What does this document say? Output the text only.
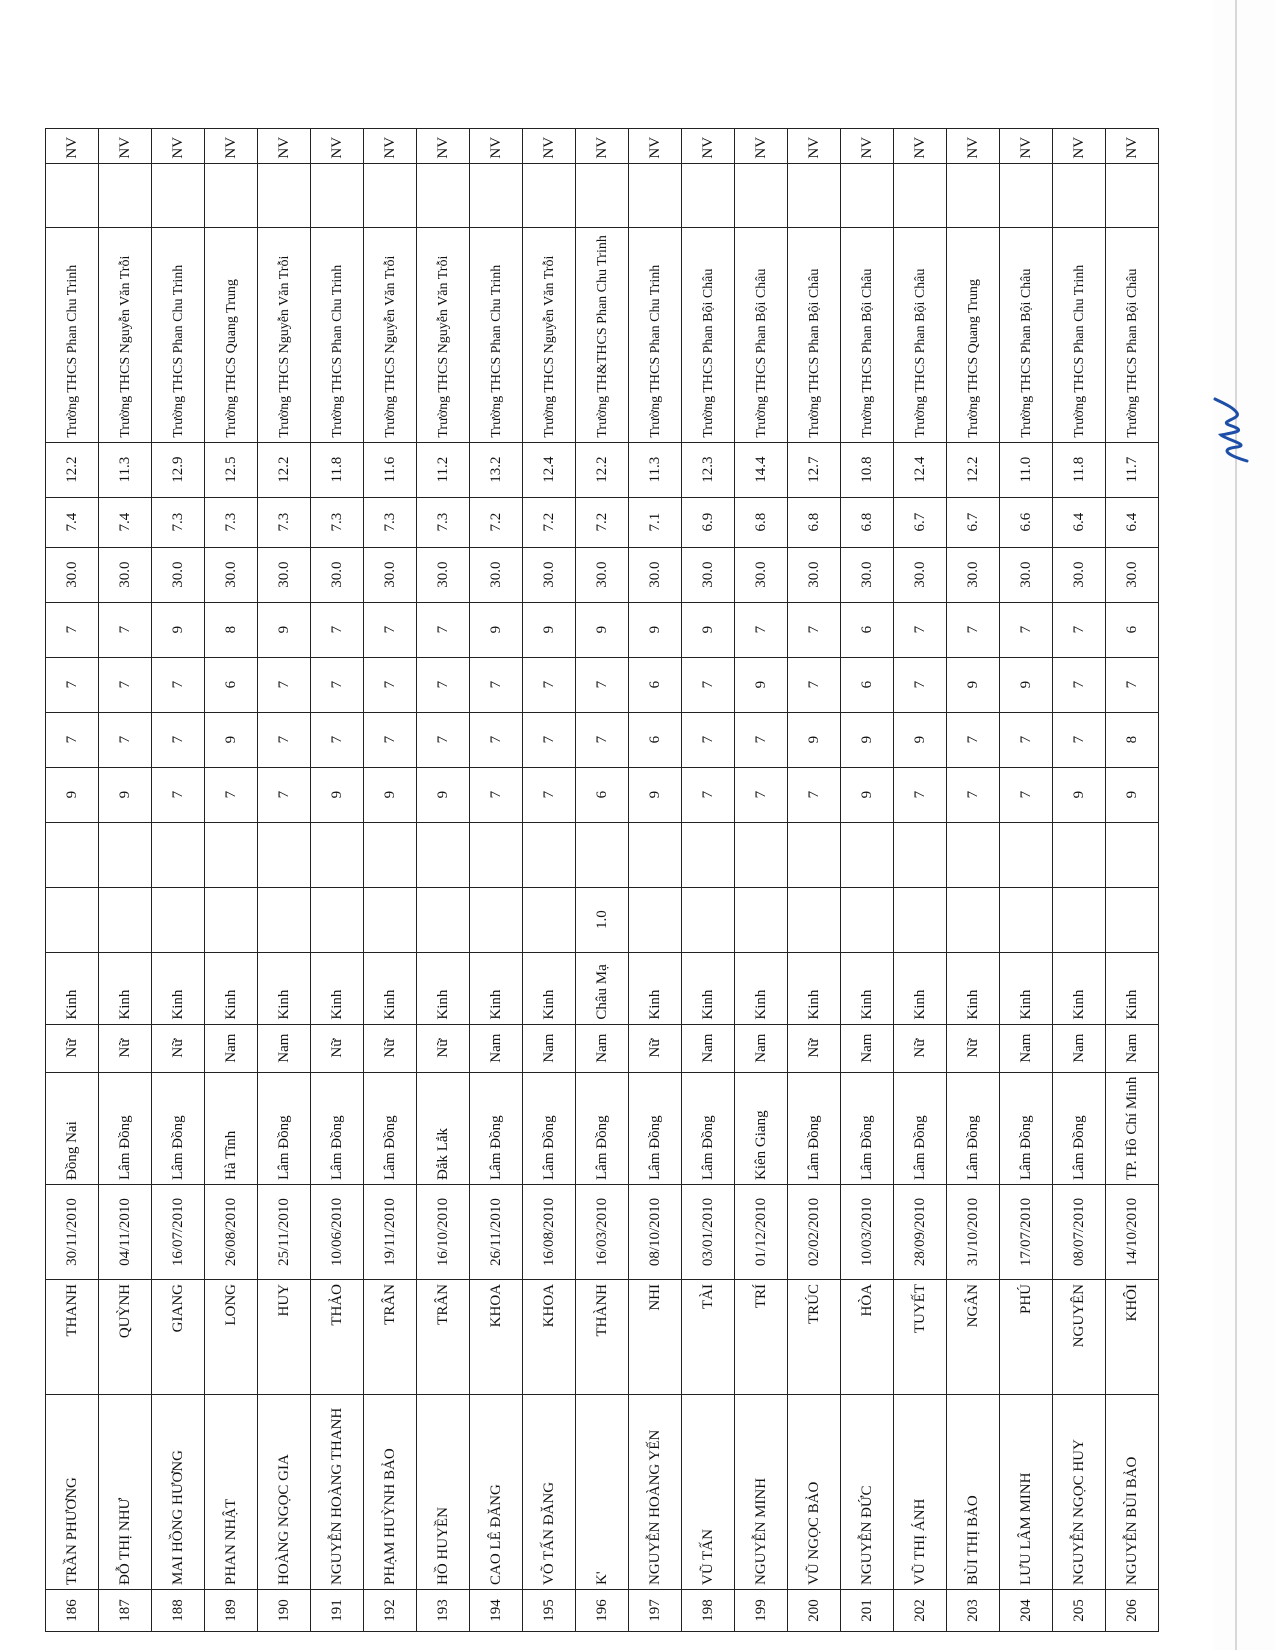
186	TRẦN PHƯƠNG	THANH	30/11/2010	Đồng Nai	Nữ	Kinh			9	7	7	7	30.0	7.4	12.2	Trường THCS Phan Chu Trinh		NV
187	ĐỖ THỊ NHƯ	QUỲNH	04/11/2010	Lâm Đồng	Nữ	Kinh			9	7	7	7	30.0	7.4	11.3	Trường THCS Nguyễn Văn Trỗi		NV
188	MAI HỒNG HƯƠNG	GIANG	16/07/2010	Lâm Đồng	Nữ	Kinh			7	7	7	9	30.0	7.3	12.9	Trường THCS Phan Chu Trinh		NV
189	PHAN NHẬT	LONG	26/08/2010	Hà Tĩnh	Nam	Kinh			7	9	6	8	30.0	7.3	12.5	Trường THCS Quang Trung		NV
190	HOÀNG NGỌC GIA	HUY	25/11/2010	Lâm Đồng	Nam	Kinh			7	7	7	9	30.0	7.3	12.2	Trường THCS Nguyễn Văn Trỗi		NV
191	NGUYỄN HOÀNG THANH	THẢO	10/06/2010	Lâm Đồng	Nữ	Kinh			9	7	7	7	30.0	7.3	11.8	Trường THCS Phan Chu Trinh		NV
192	PHẠM HUỲNH BẢO	TRÂN	19/11/2010	Lâm Đồng	Nữ	Kinh			9	7	7	7	30.0	7.3	11.6	Trường THCS Nguyễn Văn Trỗi		NV
193	HỒ HUYỀN	TRÂN	16/10/2010	Đắk Lắk	Nữ	Kinh			9	7	7	7	30.0	7.3	11.2	Trường THCS Nguyễn Văn Trỗi		NV
194	CAO LÊ ĐĂNG	KHOA	26/11/2010	Lâm Đồng	Nam	Kinh			7	7	7	9	30.0	7.2	13.2	Trường THCS Phan Chu Trinh		NV
195	VÕ TẤN ĐĂNG	KHOA	16/08/2010	Lâm Đồng	Nam	Kinh			7	7	7	9	30.0	7.2	12.4	Trường THCS Nguyễn Văn Trỗi		NV
196	K'	THÀNH	16/03/2010	Lâm Đồng	Nam	Châu Mạ	1.0		6	7	7	9	30.0	7.2	12.2	Trường TH&THCS Phan Chu Trinh		NV
197	NGUYỄN HOÀNG YẾN	NHI	08/10/2010	Lâm Đồng	Nữ	Kinh			9	6	6	9	30.0	7.1	11.3	Trường THCS Phan Chu Trinh		NV
198	VŨ TẤN	TÀI	03/01/2010	Lâm Đồng	Nam	Kinh			7	7	7	9	30.0	6.9	12.3	Trường THCS Phan Bội Châu		NV
199	NGUYỄN MINH	TRÍ	01/12/2010	Kiên Giang	Nam	Kinh			7	7	9	7	30.0	6.8	14.4	Trường THCS Phan Bội Châu		NV
200	VŨ NGỌC BẢO	TRÚC	02/02/2010	Lâm Đồng	Nữ	Kinh			7	9	7	7	30.0	6.8	12.7	Trường THCS Phan Bội Châu		NV
201	NGUYỄN ĐỨC	HÒA	10/03/2010	Lâm Đồng	Nam	Kinh			9	9	6	6	30.0	6.8	10.8	Trường THCS Phan Bội Châu		NV
202	VŨ THỊ ÁNH	TUYẾT	28/09/2010	Lâm Đồng	Nữ	Kinh			7	9	7	7	30.0	6.7	12.4	Trường THCS Phan Bội Châu		NV
203	BÙI THỊ BẢO	NGÂN	31/10/2010	Lâm Đồng	Nữ	Kinh			7	7	9	7	30.0	6.7	12.2	Trường THCS Quang Trung		NV
204	LƯU LÂM MINH	PHÚ	17/07/2010	Lâm Đồng	Nam	Kinh			7	7	9	7	30.0	6.6	11.0	Trường THCS Phan Bội Châu		NV
205	NGUYỄN NGỌC HUY	NGUYÊN	08/07/2010	Lâm Đồng	Nam	Kinh			9	7	7	7	30.0	6.4	11.8	Trường THCS Phan Chu Trinh		NV
206	NGUYỄN BÙI BẢO	KHÔI	14/10/2010	TP. Hồ Chí Minh	Nam	Kinh			9	8	7	6	30.0	6.4	11.7	Trường THCS Phan Bội Châu		NV
